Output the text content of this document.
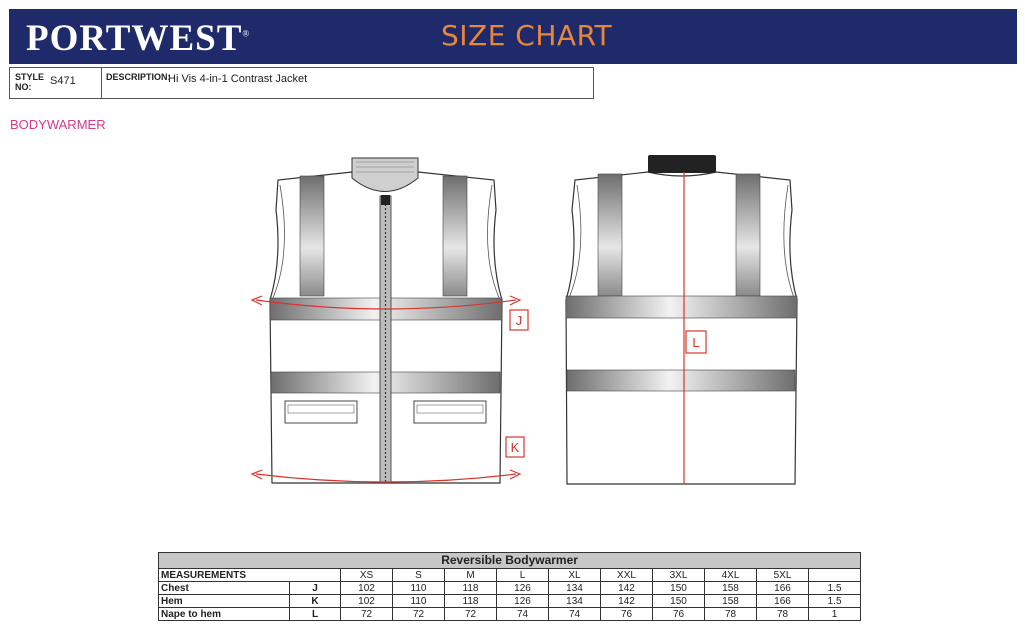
PORTWEST®	SIZE CHART
STYLE
NO: S471	DESCRIPTION:
Hi Vis 4-in-1 Contrast Jacket
BODYWARMER
J
K
L
Reversible Bodywarmer											
MEASUREMENTS		XS	S	M	L	XL	XXL	3XL	4XL	5XL	
Chest	J	102	110	118	126	134	142	150	158	166	1.5
Hem	K	102	110	118	126	134	142	150	158	166	1.5
Nape to hem	L	72	72	72	74	74	76	76	78	78	1
